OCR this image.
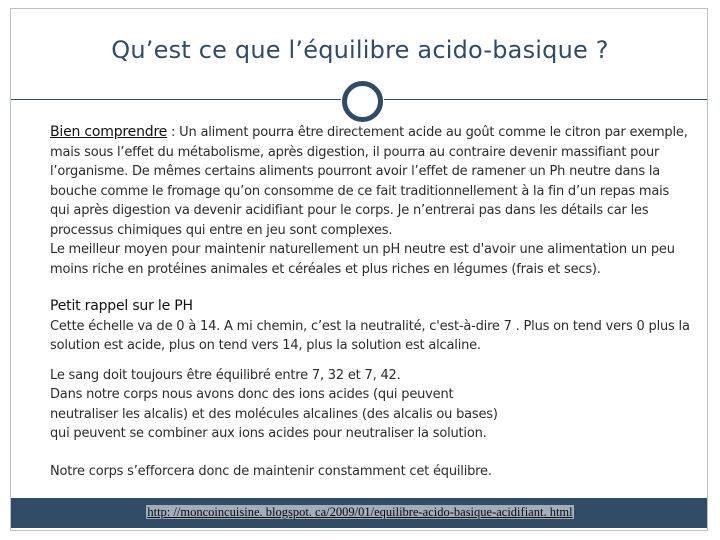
Qu’est ce que l’équilibre acido-basique ?

Bien comprendre : Un aliment pourra être directement acide au goût comme le citron par exemple, mais sous l’effet du métabolisme, après digestion, il pourra au contraire devenir massifiant pour l’organisme. De mêmes certains aliments pourront avoir l’effet de ramener un Ph neutre dans la bouche comme le fromage qu’on consomme de ce fait traditionnellement à la fin d’un repas mais qui après digestion va devenir acidifiant pour le corps. Je n’entrerai pas dans les détails car les processus chimiques qui entre en jeu sont complexes.

Le meilleur moyen pour maintenir naturellement un pH neutre est d'avoir une alimentation un peu moins riche en protéines animales et céréales et plus riches en légumes (frais et secs).

Petit rappel sur le PH

Cette échelle va de 0 à 14. A mi chemin, c’est la neutralité, c'est-à-dire 7 . Plus on tend vers 0 plus la solution est acide, plus on tend vers 14, plus la solution est alcaline.

Le sang doit toujours être équilibré entre 7, 32 et 7, 42.

Dans notre corps nous avons donc des ions acides (qui peuvent neutraliser les alcalis) et des molécules alcalines (des alcalis ou bases) qui peuvent se combiner aux ions acides pour neutraliser la solution.

Notre corps s’efforcera donc de maintenir constamment cet équilibre.

http: //moncoincuisine. blogspot. ca/2009/01/equilibre-acido-basique-acidifiant. html
